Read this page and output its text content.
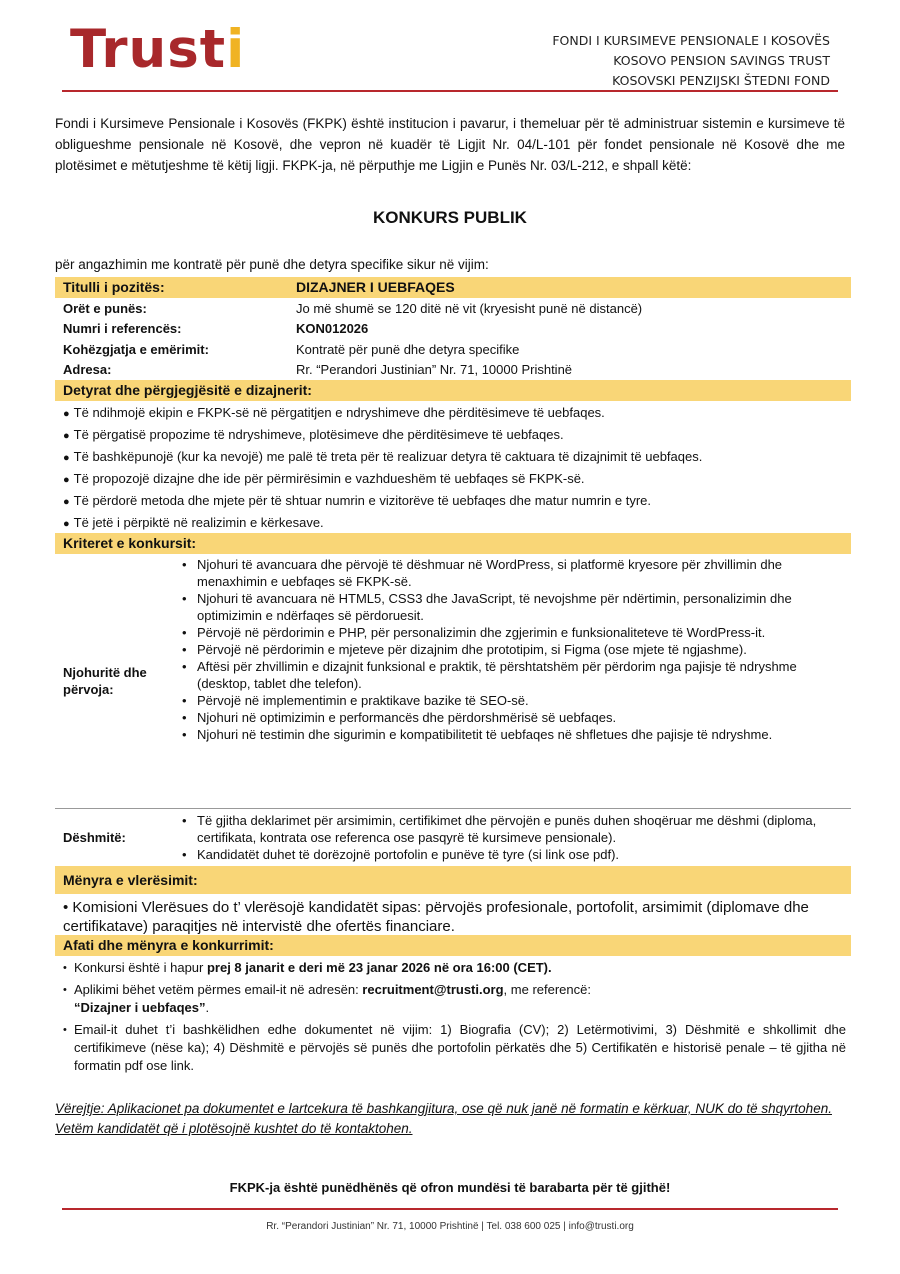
Trusti	FONDI I KURSIMEVE PENSIONALE I KOSOVËS
KOSOVO PENSION SAVINGS TRUST
KOSOVSKI PENZIJSKI ŠTEDNI FOND

Fondi i Kursimeve Pensionale i Kosovës (FKPK) është institucion i pavarur, i themeluar për të administruar sistemin e kursimeve të obligueshme pensionale në Kosovë, dhe vepron në kuadër të Ligjit Nr. 04/L-101 për fondet pensionale në Kosovë dhe me plotësimet e mëtutjeshme të këtij ligji. FKPK-ja, në përputhje me Ligjin e Punës Nr. 03/L-212, e shpall këtë:

KONKURS PUBLIK
për angazhimin me kontratë për punë dhe detyra specifike sikur në vijim:
Titulli i pozitës:	DIZAJNER I UEBFAQES
Orët e punës:	Jo më shumë se 120 ditë në vit (kryesisht punë në distancë)
Numri i referencës:	KON012026
Kohëzgjatja e emërimit:	Kontratë për punë dhe detyra specifike
Adresa:	Rr. “Perandori Justinian” Nr. 71, 10000 Prishtinë
Detyrat dhe përgjegjësitë e dizajnerit:
● Të ndihmojë ekipin e FKPK-së në përgatitjen e ndryshimeve dhe përditësimeve të uebfaqes.
● Të përgatisë propozime të ndryshimeve, plotësimeve dhe përditësimeve të uebfaqes.
● Të bashkëpunojë (kur ka nevojë) me palë të treta për të realizuar detyra të caktuara të dizajnimit të uebfaqes.
● Të propozojë dizajne dhe ide për përmirësimin e vazhdueshëm të uebfaqes së FKPK-së.
● Të përdorë metoda dhe mjete për të shtuar numrin e vizitorëve të uebfaqes dhe matur numrin e tyre.
● Të jetë i përpiktë në realizimin e kërkesave.
Kriteret e konkursit:
Njohuritë dhe përvoja:
• Njohuri të avancuara dhe përvojë të dëshmuar në WordPress, si platformë kryesore për zhvillimin dhe menaxhimin e uebfaqes së FKPK-së.
• Njohuri të avancuara në HTML5, CSS3 dhe JavaScript, të nevojshme për ndërtimin, personalizimin dhe optimizimin e ndërfaqes së përdoruesit.
• Përvojë në përdorimin e PHP, për personalizimin dhe zgjerimin e funksionaliteteve të WordPress-it.
• Përvojë në përdorimin e mjeteve për dizajnim dhe prototipim, si Figma (ose mjete të ngjashme).
• Aftësi për zhvillimin e dizajnit funksional e praktik, të përshtatshëm për përdorim nga pajisje të ndryshme (desktop, tablet dhe telefon).
• Përvojë në implementimin e praktikave bazike të SEO-së.
• Njohuri në optimizimin e performancës dhe përdorshmërisë së uebfaqes.
• Njohuri në testimin dhe sigurimin e kompatibilitetit të uebfaqes në shfletues dhe pajisje të ndryshme.
Dëshmitë:
• Të gjitha deklarimet për arsimimin, certifikimet dhe përvojën e punës duhen shoqëruar me dëshmi (diploma, certifikata, kontrata ose referenca ose pasqyrë të kursimeve pensionale).
• Kandidatët duhet të dorëzojnë portofolin e punëve të tyre (si link ose pdf).
Mënyra e vlerësimit:
• Komisioni Vlerësues do t’ vlerësojë kandidatët sipas: përvojës profesionale, portofolit, arsimimit (diplomave dhe certifikatave) paraqitjes në intervistë dhe ofertës financiare.
Afati dhe mënyra e konkurrimit:
• Konkursi është i hapur prej 8 janarit e deri më 23 janar 2026 në ora 16:00 (CET).
• Aplikimi bëhet vetëm përmes email-it në adresën: recruitment@trusti.org, me referencë:
“Dizajner i uebfaqes”.
• Email-it duhet t’i bashkëlidhen edhe dokumentet në vijim: 1) Biografia (CV); 2) Letërmotivimi, 3) Dëshmitë e shkollimit dhe certifikimeve (nëse ka); 4) Dëshmitë e përvojës së punës dhe portofolin përkatës dhe 5) Certifikatën e historisë penale – të gjitha në formatin pdf ose link.

Vërejtje: Aplikacionet pa dokumentet e lartcekura të bashkangjitura, ose që nuk janë në formatin e kërkuar, NUK do të shqyrtohen. Vetëm kandidatët që i plotësojnë kushtet do të kontaktohen.

FKPK-ja është punëdhënës që ofron mundësi të barabarta për të gjithë!
Rr. “Perandori Justinian” Nr. 71, 10000 Prishtinë | Tel. 038 600 025 | info@trusti.org
